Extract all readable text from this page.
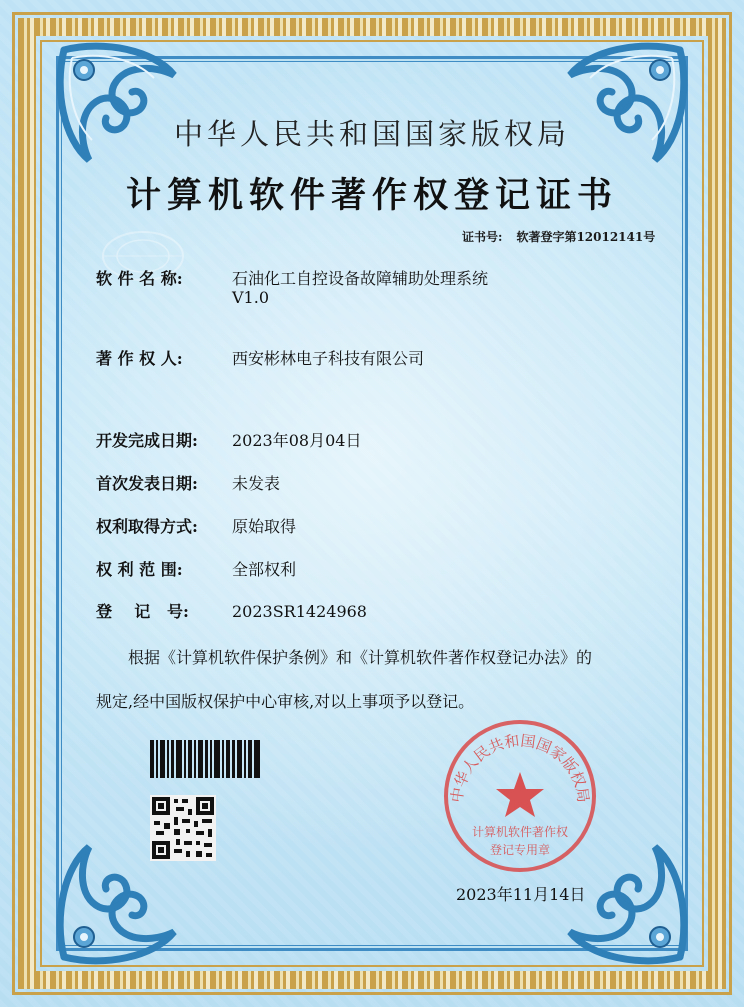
中华人民共和国国家版权局
计算机软件著作权登记证书
证书号: 软著登字第12012141号
软 件 名 称:	石油化工自控设备故障辅助处理系统
V1.0
著 作 权 人:	西安彬林电子科技有限公司
开发完成日期: 2023年08月04日
首次发表日期: 未发表
权利取得方式: 原始取得
权 利 范 围:	全部权利
登    记   号:	2023SR1424968
根据《计算机软件保护条例》和《计算机软件著作权登记办法》的
规定,经中国版权保护中心审核,对以上事项予以登记。
中华人民共和国国家版权局
计算机软件著作权
登记专用章
2023年11月14日
